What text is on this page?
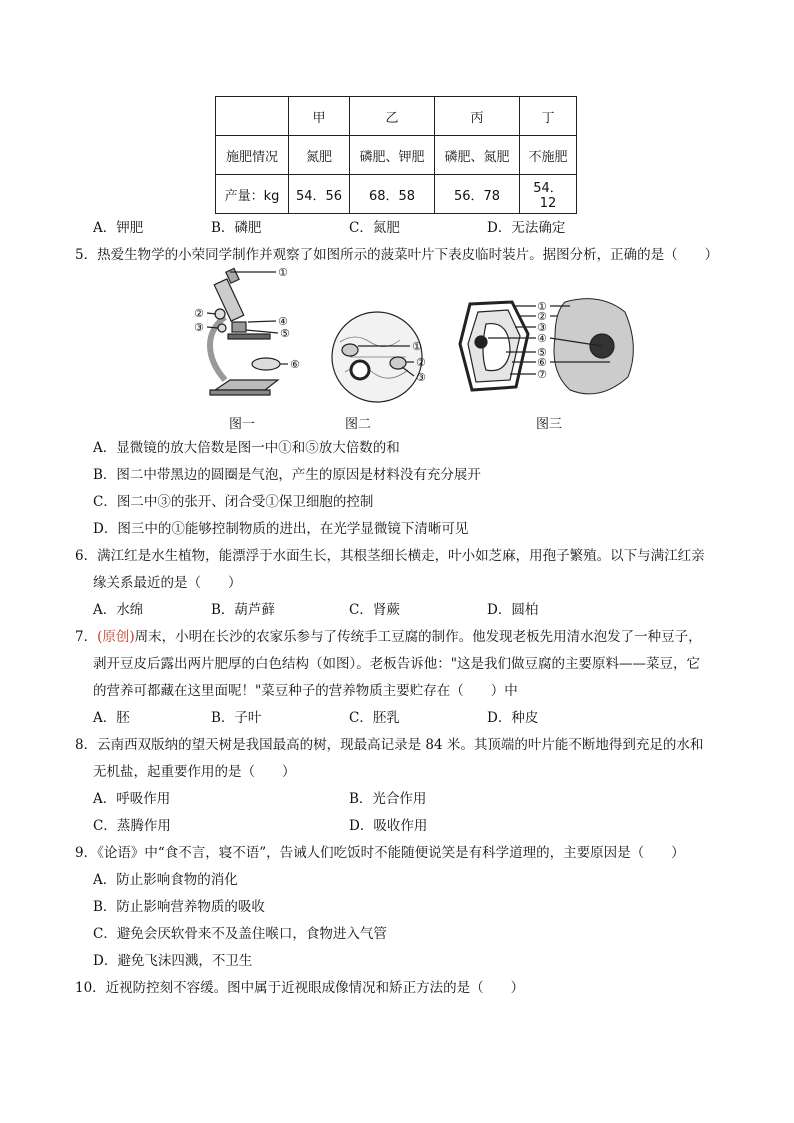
	甲	乙	丙	丁
施肥情况	氮肥	磷肥、钾肥	磷肥、氮肥	不施肥
产量：kg	54．56	68．58	56．78	54．12
A．钾肥	B．磷肥	C．氮肥	D．无法确定
5．热爱生物学的小荣同学制作并观察了如图所示的菠菜叶片下表皮临时装片。据图分析，正确的是（　　）
①
②
③	④
⑤
⑥
①
②
③
①
②
③
④
⑤
⑥
⑦
图一	图二	图三
A．显微镜的放大倍数是图一中①和⑤放大倍数的和
B．图二中带黑边的圆圈是气泡，产生的原因是材料没有充分展开
C．图二中③的张开、闭合受①保卫细胞的控制
D．图三中的①能够控制物质的进出，在光学显微镜下清晰可见
6．满江红是水生植物，能漂浮于水面生长，其根茎细长横走，叶小如芝麻，用孢子繁殖。以下与满江红亲
缘关系最近的是（　　）
A．水绵	B．葫芦藓	C．肾蕨	D．圆柏
7．(原创)周末，小明在长沙的农家乐参与了传统手工豆腐的制作。他发现老板先用清水泡发了一种豆子，
剥开豆皮后露出两片肥厚的白色结构（如图）。老板告诉他："这是我们做豆腐的主要原料——菜豆，它
的营养可都藏在这里面呢！"菜豆种子的营养物质主要贮存在（　　）中
A．胚	B．子叶	C．胚乳	D．种皮
8．云南西双版纳的望天树是我国最高的树，现最高记录是 84 米。其顶端的叶片能不断地得到充足的水和
无机盐，起重要作用的是（　　）
A．呼吸作用	B．光合作用
C．蒸腾作用	D．吸收作用
9．《论语》中“食不言，寝不语”，告诫人们吃饭时不能随便说笑是有科学道理的，主要原因是（　　）
A．防止影响食物的消化
B．防止影响营养物质的吸收
C．避免会厌软骨来不及盖住喉口，食物进入气管
D．避免飞沫四溅，不卫生
10．近视防控刻不容缓。图中属于近视眼成像情况和矫正方法的是（　　）
